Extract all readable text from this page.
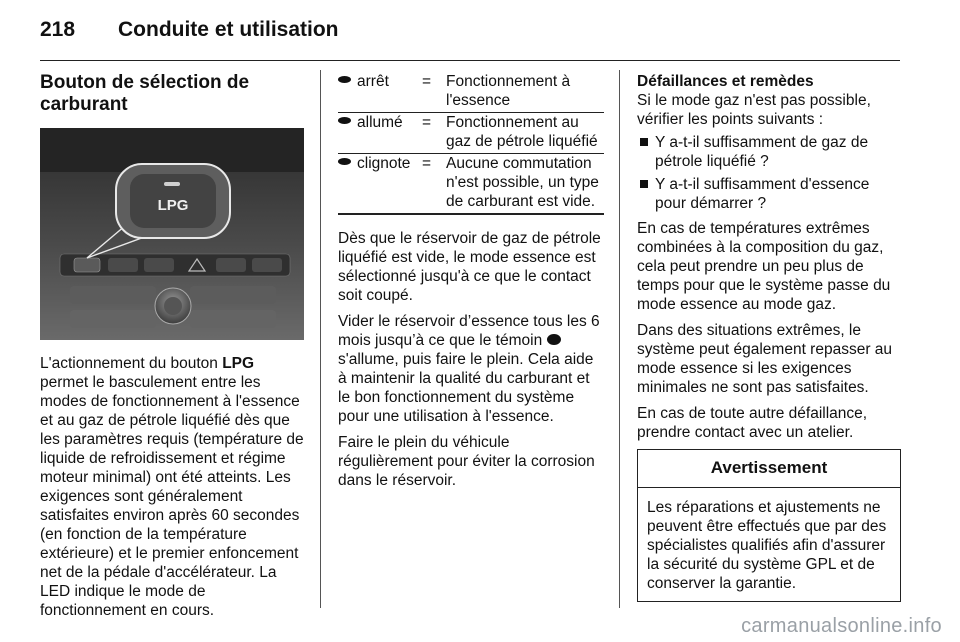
218 Conduite et utilisation
Bouton de sélection de carburant
LPG

L'actionnement du bouton LPG permet le basculement entre les modes de fonctionnement à l'essence et au gaz de pétrole liquéfié dès que les paramètres requis (température de liquide de refroidissement et régime moteur minimal) ont été atteints. Les exigences sont généralement satisfaites environ après 60 secondes (en fonction de la température extérieure) et le premier enfoncement net de la pédale d'accélérateur. La LED indique le mode de fonctionnement en cours.

arrêt	=	Fonctionnement à l'essence
allumé	=	Fonctionnement au gaz de pétrole liquéfié
clignote	=	Aucune commutation n'est possible, un type de carburant est vide.

Dès que le réservoir de gaz de pétrole liquéfié est vide, le mode essence est sélectionné jusqu'à ce que le contact soit coupé.

Vider le réservoir d’essence tous les 6 mois jusqu’à ce que le témoin  s'allume, puis faire le plein. Cela aide à maintenir la qualité du carburant et le bon fonctionnement du système pour une utilisation à l'essence.

Faire le plein du véhicule régulièrement pour éviter la corrosion dans le réservoir.

Défaillances et remèdes

Si le mode gaz n'est pas possible, vérifier les points suivants :

Y a-t-il suffisamment de gaz de pétrole liquéfié ?
Y a-t-il suffisamment d'essence pour démarrer ?

En cas de températures extrêmes combinées à la composition du gaz, cela peut prendre un peu plus de temps pour que le système passe du mode essence au mode gaz.

Dans des situations extrêmes, le système peut également repasser au mode essence si les exigences minimales ne sont pas satisfaites.

En cas de toute autre défaillance, prendre contact avec un atelier.

Avertissement
Les réparations et ajustements ne peuvent être effectués que par des spécialistes qualifiés afin d'assurer la sécurité du système GPL et de conserver la garantie.
carmanualsonline.info
